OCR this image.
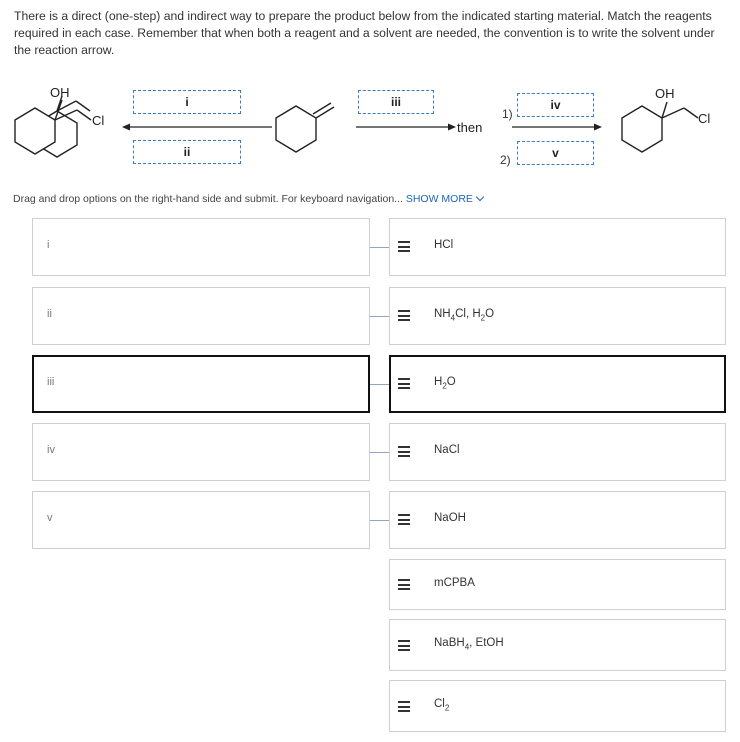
There is a direct (one-step) and indirect way to prepare the product below from the indicated starting material. Match the reagents required in each case. Remember that when both a reagent and a solvent are needed, the convention is to write the solvent under the reaction arrow.
OH
Cl
OH
Cl
i
ii
iii	iv
v
then
1)
2)
Drag and drop options on the right-hand side and submit. For keyboard navigation... SHOW MORE
i
ii
iii
iv
v
HCl
$NH_4Cl$, $H_2O$
$H_2O$
NaCl
NaOH
mCPBA
NaBH$_4$, EtOH
$Cl_2$
